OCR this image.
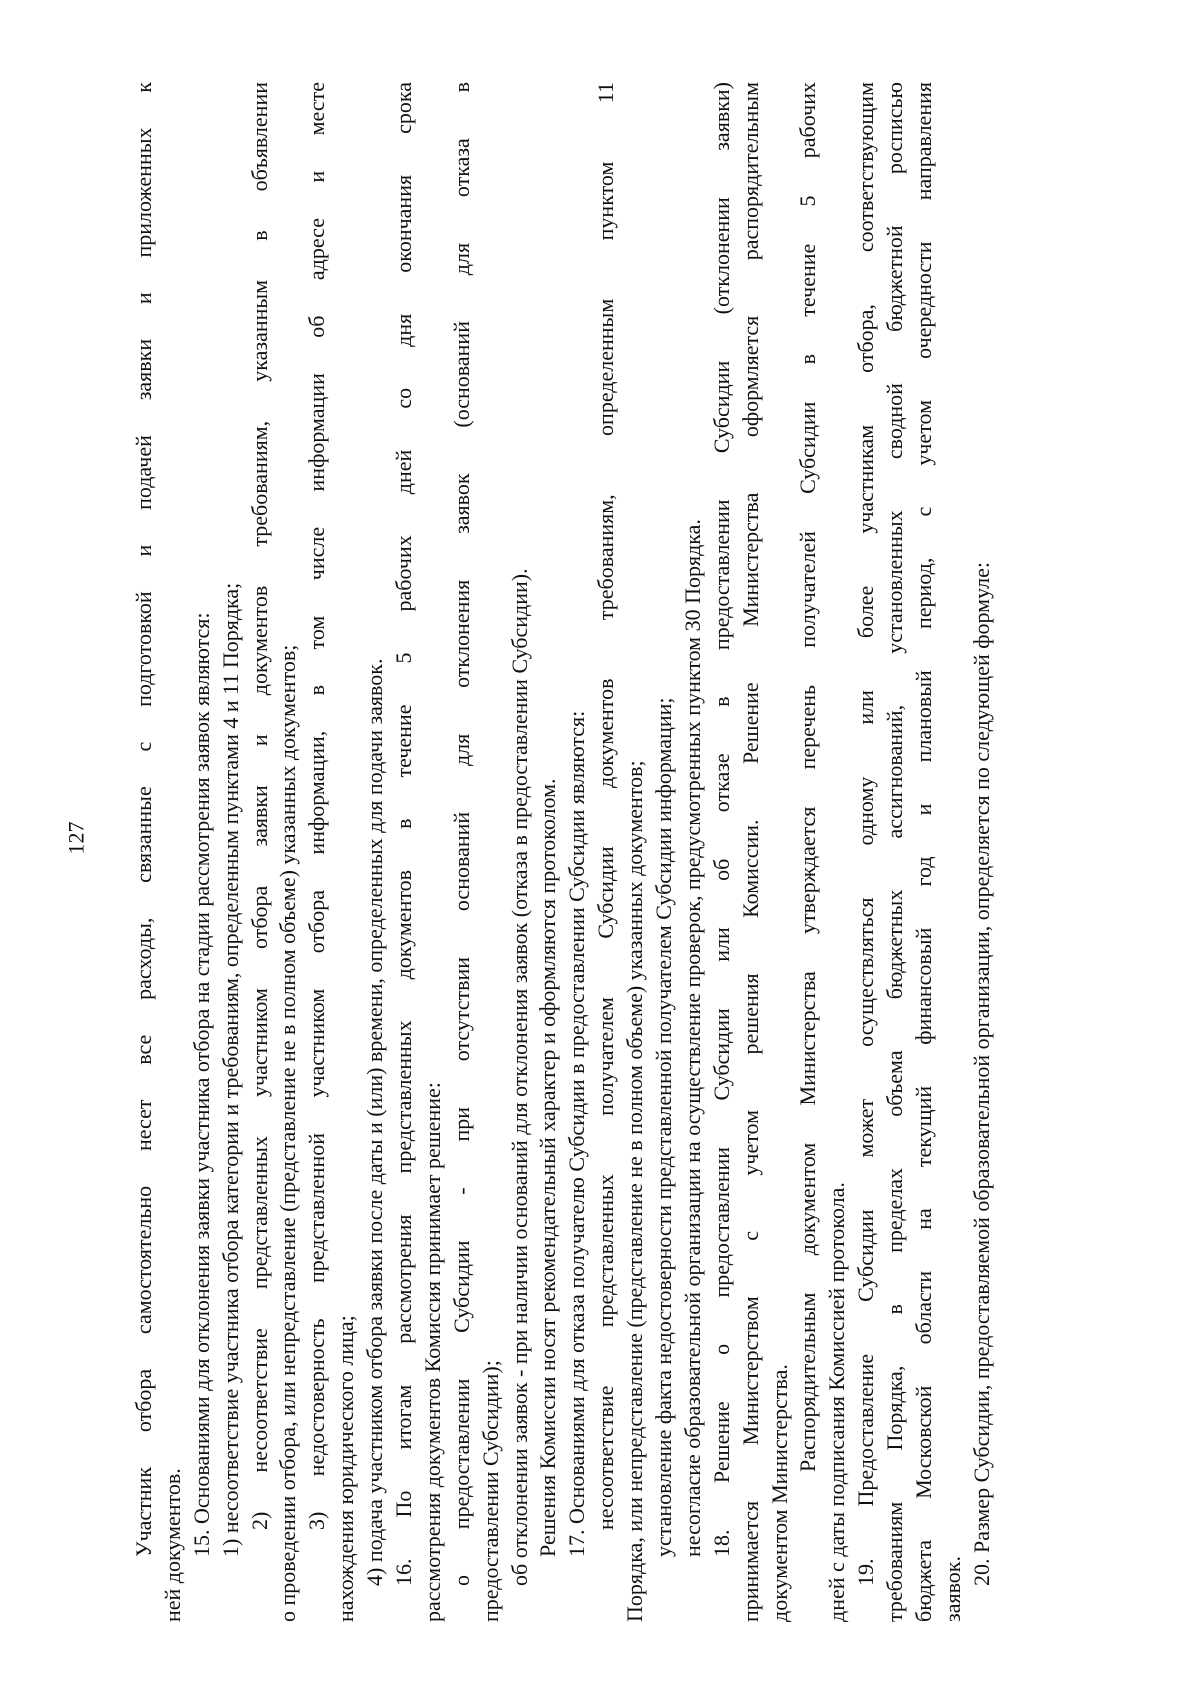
127 Участник отбора самостоятельно несет все расходы, связанные с подготовкой и подачей заявки и приложенных к ней документов. 15. Основаниями для отклонения заявки участника отбора на стадии рассмотрения заявок являются: 1) несоответствие участника отбора категории и требованиям, определенным пунктами 4 и 11 Порядка; 2) несоответствие представленных участником отбора заявки и документов требованиям, указанным в объявлении о проведении отбора, или непредставление (представление не в полном объеме) указанных документов; 3) недостоверность представленной участником отбора информации, в том числе информации об адресе и месте нахождения юридического лица; 4) подача участником отбора заявки после даты и (или) времени, определенных для подачи заявок. 16. По итогам рассмотрения представленных документов в течение 5 рабочих дней со дня окончания срока рассмотрения документов Комиссия принимает решение: о предоставлении Субсидии - при отсутствии оснований для отклонения заявок (оснований для отказа в предоставлении Субсидии); об отклонении заявок - при наличии оснований для отклонения заявок (отказа в предоставлении Субсидии). Решения Комиссии носят рекомендательный характер и оформляются протоколом. 17. Основаниями для отказа получателю Субсидии в предоставлении Субсидии являются: несоответствие представленных получателем Субсидии документов требованиям, определенным пунктом 11 Порядка, или непредставление (представление не в полном объеме) указанных документов; установление факта недостоверности представленной получателем Субсидии информации; несогласие образовательной организации на осуществление проверок, предусмотренных пунктом 30 Порядка. 18. Решение о предоставлении Субсидии или об отказе в предоставлении Субсидии (отклонении заявки) принимается Министерством с учетом решения Комиссии. Решение Министерства оформляется распорядительным документом Министерства.
Распорядительным документом Министерства утверждается перечень получателей Субсидии в течение 5 рабочих дней с даты подписания Комиссией протокола. 19. Предоставление Субсидии может осуществляться одному или более участникам отбора, соответствующим требованиям Порядка, в пределах объема бюджетных ассигнований, установленных сводной бюджетной росписью бюджета Московской области на текущий финансовый год и плановый период, с учетом очередности направления заявок.
20. Размер Субсидии, предоставляемой образовательной организации, определяется по следующей формуле:
